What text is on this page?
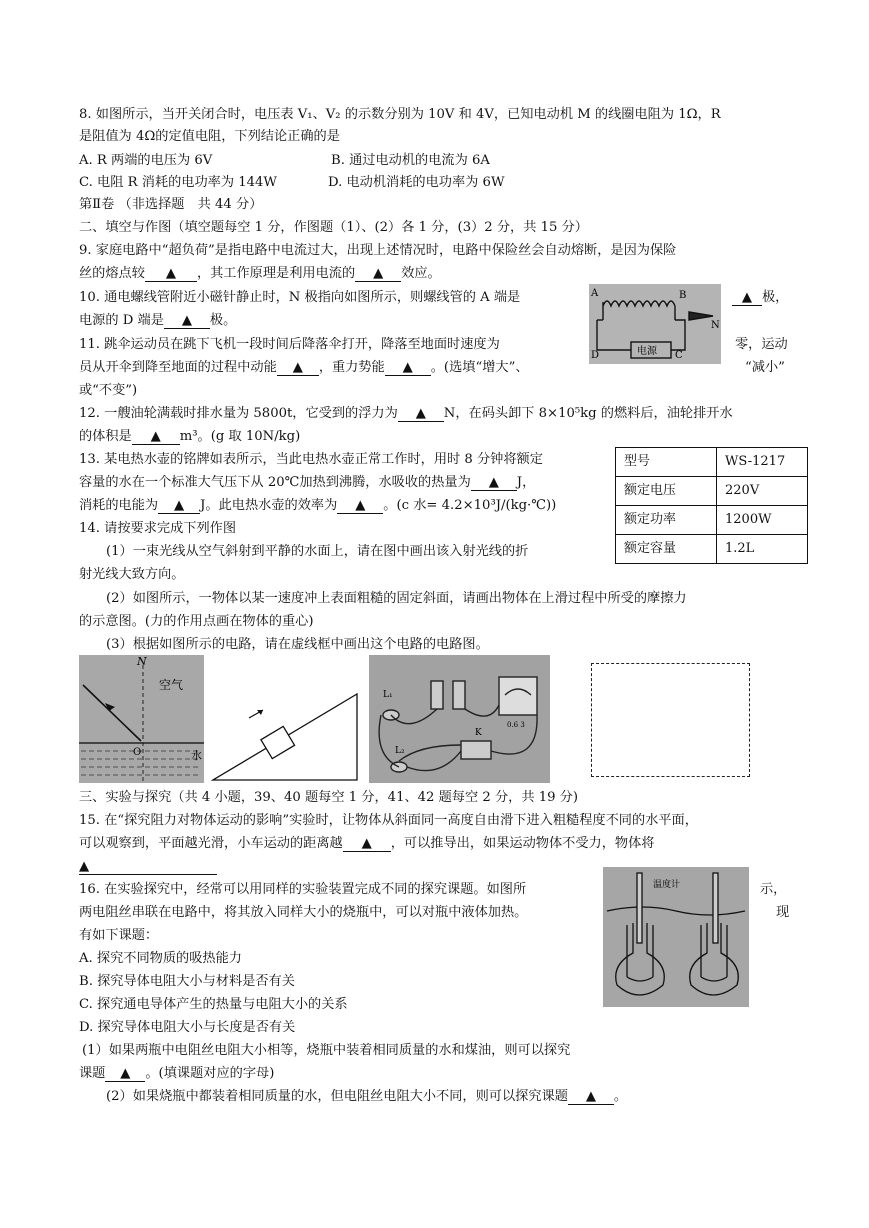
8. 如图所示，当开关闭合时，电压表 V₁、V₂ 的示数分别为 10V 和 4V，已知电动机 M 的线圈电阻为 1Ω，R
是阻值为 4Ω的定值电阻，下列结论正确的是
A. R 两端的电压为 6V	B. 通过电动机的电流为 6A
C. 电阻 R 消耗的电功率为 144W	D. 电动机消耗的电功率为 6W
第Ⅱ卷 （非选择题　共 44 分）
二、填空与作图（填空题每空 1 分，作图题（1）、(2）各 1 分，(3）2 分，共 15 分）
9. 家庭电路中“超负荷”是指电路中电流过大，出现上述情况时，电路中保险丝会自动熔断，是因为保险
丝的熔点较 ▲ ，其工作原理是利用电流的 ▲ 效应。
10. 通电螺线管附近小磁针静止时，N 极指向如图所示，则螺线管的 A 端是	▲ 极，
电源的 D 端是 ▲ 极。
A	B
D	C
电源
N
11. 跳伞运动员在跳下飞机一段时间后降落伞打开，降落至地面时速度为	零，运动
员从开伞到降至地面的过程中动能 ▲ ，重力势能 ▲ 。(选填“增大”、	“减小”
或“不变”)
12. 一艘油轮满载时排水量为 5800t，它受到的浮力为 ▲ N，在码头卸下 8×10⁵kg 的燃料后，油轮排开水
的体积是 ▲ m³。(g 取 10N/kg)
13. 某电热水壶的铭牌如表所示，当此电热水壶正常工作时，用时 8 分钟将额定
容量的水在一个标准大气压下从 20℃加热到沸腾，水吸收的热量为 ▲ J，
消耗的电能为 ▲ J。此电热水壶的效率为 ▲ 。(c 水= 4.2×10³J/(kg·℃))
型号	WS-1217
额定电压	220V
额定功率	1200W
额定容量	1.2L
14. 请按要求完成下列作图
(1）一束光线从空气斜射到平静的水面上，请在图中画出该入射光线的折
射光线大致方向。
(2）如图所示，一物体以某一速度冲上表面粗糙的固定斜面，请画出物体在上滑过程中所受的摩擦力
的示意图。(力的作用点画在物体的重心)
(3）根据如图所示的电路，请在虚线框中画出这个电路的电路图。
N
空气
O	水
L₁
L₂
K
0.6 3
三、实验与探究（共 4 小题，39、40 题每空 1 分，41、42 题每空 2 分，共 19 分)
15. 在“探究阻力对物体运动的影响”实验时，让物体从斜面同一高度自由滑下进入粗糙程度不同的水平面，
可以观察到，平面越光滑，小车运动的距离越 ▲ ，可以推导出，如果运动物体不受力，物体将
▲
16. 在实验探究中，经常可以用同样的实验装置完成不同的探究课题。如图所	示，
两电阻丝串联在电路中，将其放入同样大小的烧瓶中，可以对瓶中液体加热。	现
有如下课题：
A. 探究不同物质的吸热能力
B. 探究导体电阻大小与材料是否有关
C. 探究通电导体产生的热量与电阻大小的关系
D. 探究导体电阻大小与长度是否有关
(1）如果两瓶中电阻丝电阻大小相等，烧瓶中装着相同质量的水和煤油，则可以探究
课题 ▲ 。(填课题对应的字母)
(2）如果烧瓶中都装着相同质量的水，但电阻丝电阻大小不同，则可以探究课题 ▲ 。
温度计
